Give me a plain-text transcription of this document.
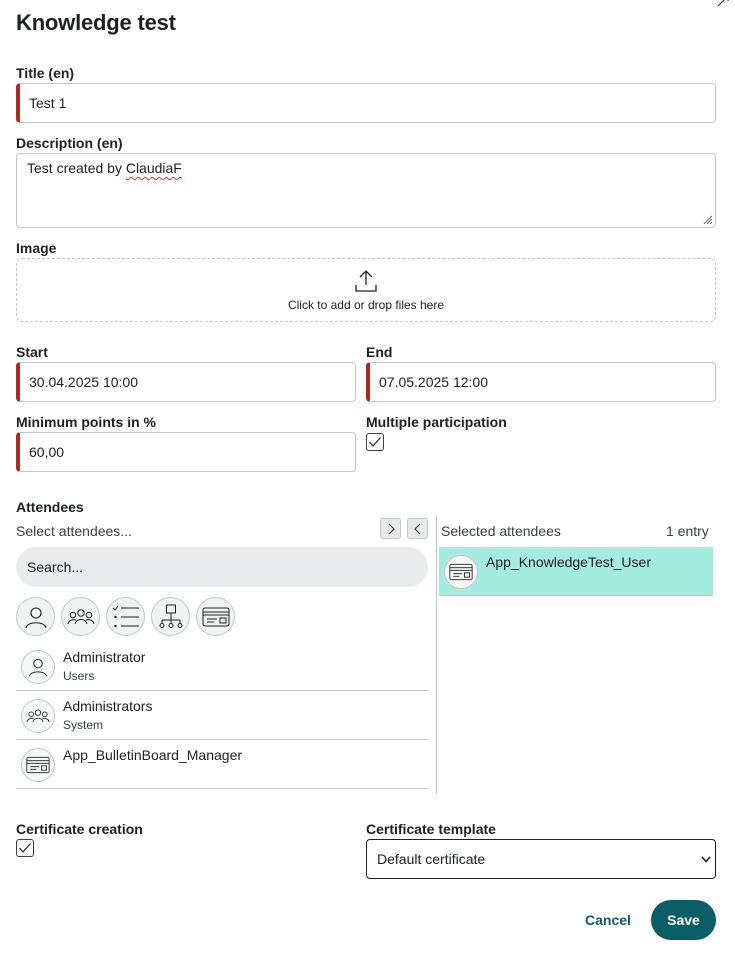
Knowledge test
Title (en)
Test 1
Description (en)
Test created by ClaudiaF
Image
Click to add or drop files here
Start
30.04.2025 10:00
End
07.05.2025 12:00
Minimum points in %
60,00
Multiple participation
Attendees
Select attendees...
Search...
Administrator
Users
Administrators
System
App_BulletinBoard_Manager
Selected attendees	1 entry
App_KnowledgeTest_User
Certificate creation	Certificate template
Default certificate
Cancel	Save
